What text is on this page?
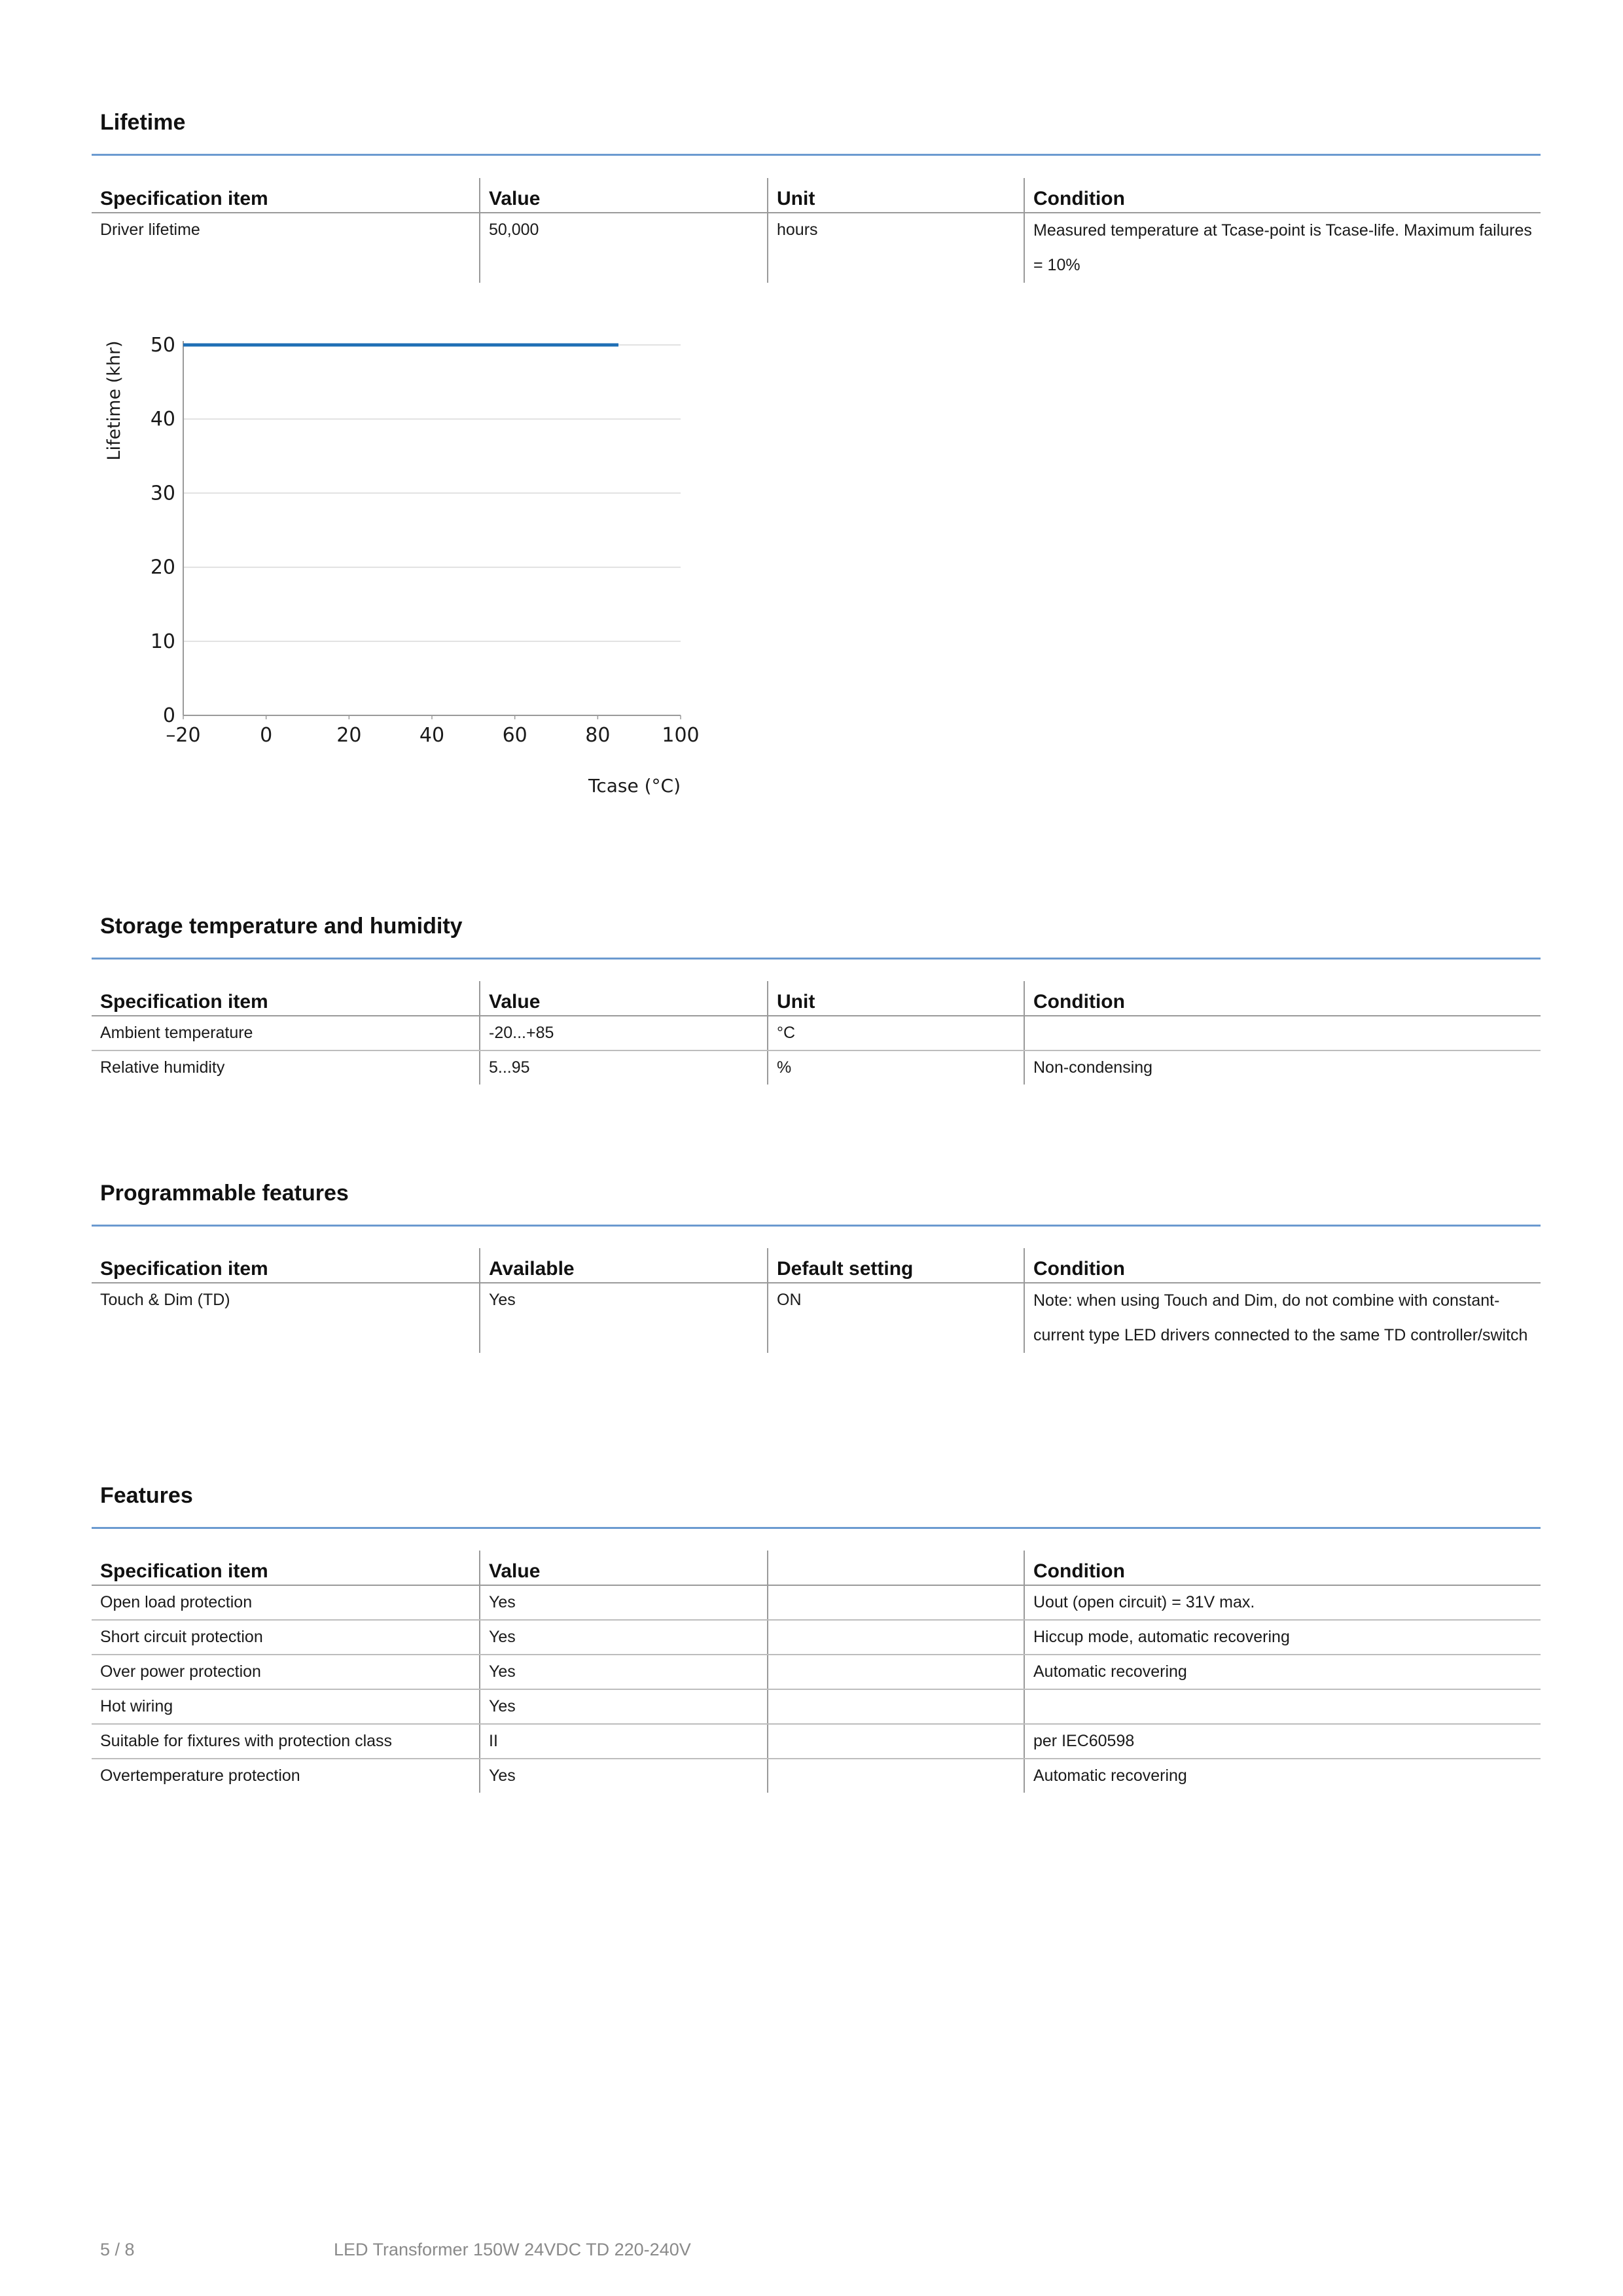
Lifetime
Specification item	Value	Unit	Condition
Driver lifetime	50,000	hours	Measured temperature at Tcase-point is Tcase-life. Maximum failures = 10%
0
10
20
30
40
50
–20	0	20	40	60	80	100
Lifetime (khr)
Tcase (°C)
Storage temperature and humidity
Specification item	Value	Unit	Condition
Ambient temperature	-20...+85	°C	
Relative humidity	5...95	%	Non-condensing
Programmable features
Specification item	Available	Default setting	Condition
Touch & Dim (TD)	Yes	ON	Note: when using Touch and Dim, do not combine with constant-current type LED drivers connected to the same TD controller/switch
Features
Specification item	Value		Condition
Open load protection	Yes		Uout (open circuit) = 31V max.
Short circuit protection	Yes		Hiccup mode, automatic recovering
Over power protection	Yes		Automatic recovering
Hot wiring	Yes		
Suitable for fixtures with protection class	II		per IEC60598
Overtemperature protection	Yes		Automatic recovering
5 / 8	LED Transformer 150W 24VDC TD 220-240V
